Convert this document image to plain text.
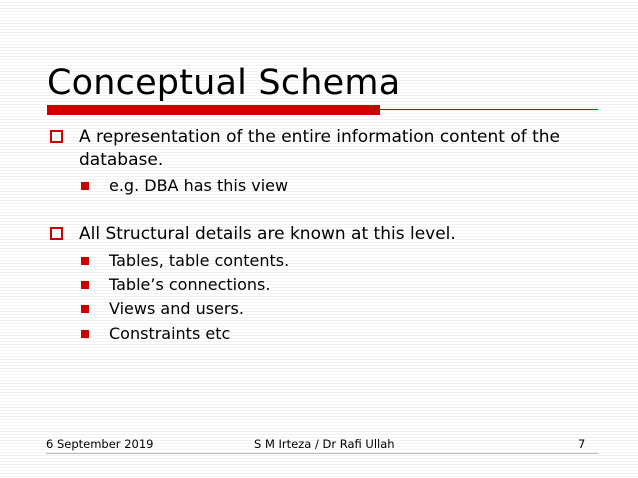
Conceptual Schema
A representation of the entire information content of the database.
e.g. DBA has this view
All Structural details are known at this level.
Tables, table contents.
Table’s connections.
Views and users.
Constraints etc
6 September 2019	S M Irteza / Dr Rafi Ullah	7
